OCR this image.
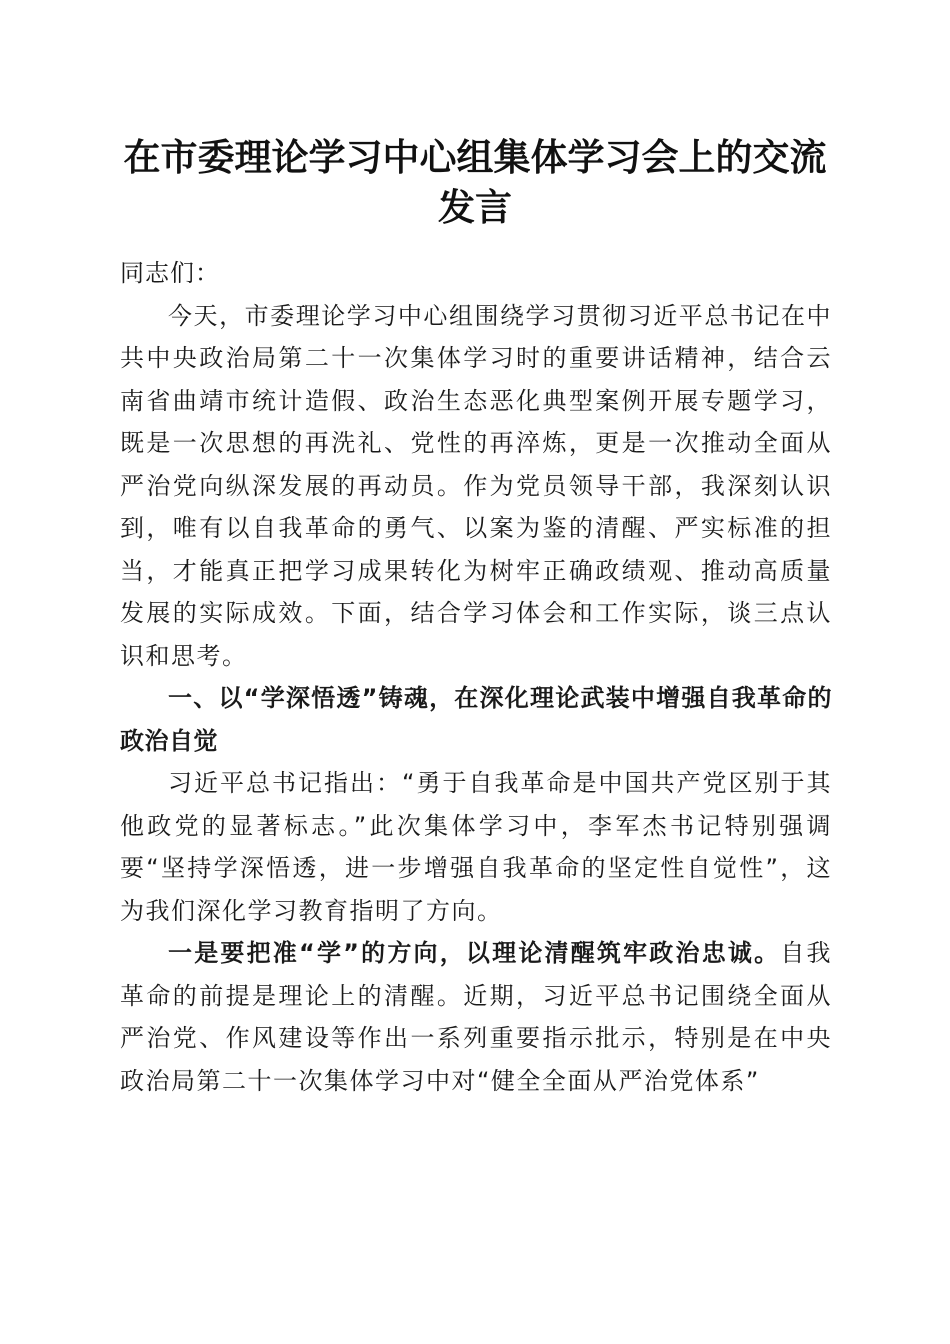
在市委理论学习中心组集体学习会上的交流发言

同志们：

今天，市委理论学习中心组围绕学习贯彻习近平总书记在中共中央政治局第二十一次集体学习时的重要讲话精神，结合云南省曲靖市统计造假、政治生态恶化典型案例开展专题学习，既是一次思想的再洗礼、党性的再淬炼，更是一次推动全面从严治党向纵深发展的再动员。作为党员领导干部，我深刻认识到，唯有以自我革命的勇气、以案为鉴的清醒、严实标准的担当，才能真正把学习成果转化为树牢正确政绩观、推动高质量发展的实际成效。下面，结合学习体会和工作实际，谈三点认识和思考。

一、以“学深悟透”铸魂，在深化理论武装中增强自我革命的政治自觉

习近平总书记指出：“勇于自我革命是中国共产党区别于其他政党的显著标志。”此次集体学习中，李军杰书记特别强调要“坚持学深悟透，进一步增强自我革命的坚定性自觉性”，这为我们深化学习教育指明了方向。

一是要把准“学”的方向，以理论清醒筑牢政治忠诚。自我革命的前提是理论上的清醒。近期，习近平总书记围绕全面从严治党、作风建设等作出一系列重要指示批示，特别是在中央政治局第二十一次集体学习中对“健全全面从严治党体系”
